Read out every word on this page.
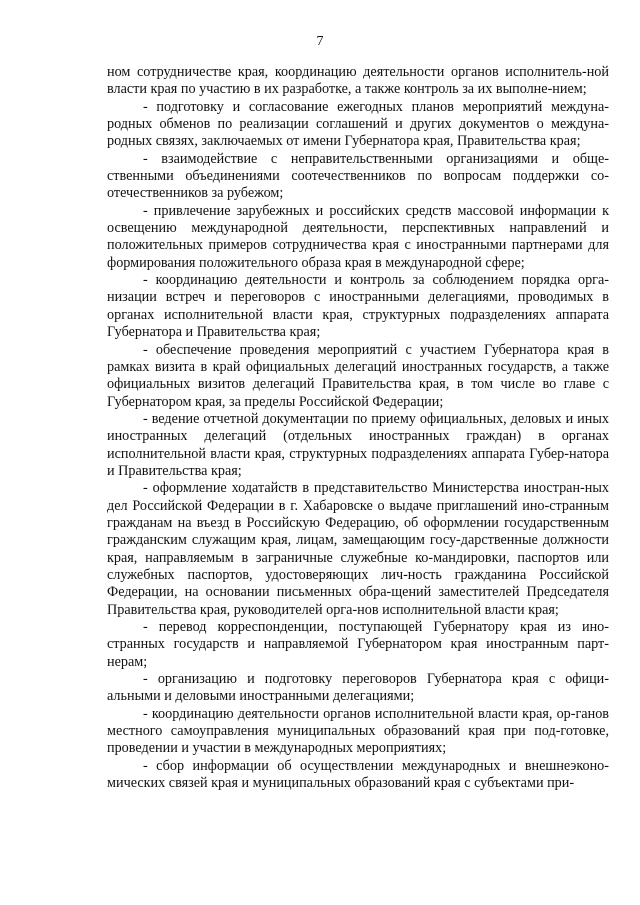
7

ном сотрудничестве края, координацию деятельности органов исполнитель-ной власти края по участию в их разработке, а также контроль за их выполне-нием;

- подготовку и согласование ежегодных планов мероприятий междуна-родных обменов по реализации соглашений и других документов о междуна-родных связях, заключаемых от имени Губернатора края, Правительства края;

- взаимодействие с неправительственными организациями и обще-ственными объединениями соотечественников по вопросам поддержки со-отечественников за рубежом;

- привлечение зарубежных и российских средств массовой информации к освещению международной деятельности, перспективных направлений и положительных примеров сотрудничества края с иностранными партнерами для формирования положительного образа края в международной сфере;

- координацию деятельности и контроль за соблюдением порядка орга-низации встреч и переговоров с иностранными делегациями, проводимых в органах исполнительной власти края, структурных подразделениях аппарата Губернатора и Правительства края;

- обеспечение проведения мероприятий с участием Губернатора края в рамках визита в край официальных делегаций иностранных государств, а также официальных визитов делегаций Правительства края, в том числе во главе с Губернатором края, за пределы Российской Федерации;

- ведение отчетной документации по приему официальных, деловых и иных иностранных делегаций (отдельных иностранных граждан) в органах исполнительной власти края, структурных подразделениях аппарата Губер-натора и Правительства края;

- оформление ходатайств в представительство Министерства иностран-ных дел Российской Федерации в г. Хабаровске о выдаче приглашений ино-странным гражданам на въезд в Российскую Федерацию, об оформлении государственным гражданским служащим края, лицам, замещающим госу-дарственные должности края, направляемым в заграничные служебные ко-мандировки, паспортов или служебных паспортов, удостоверяющих лич-ность гражданина Российской Федерации, на основании письменных обра-щений заместителей Председателя Правительства края, руководителей орга-нов исполнительной власти края;

- перевод корреспонденции, поступающей Губернатору края из ино-странных государств и направляемой Губернатором края иностранным парт-нерам;

- организацию и подготовку переговоров Губернатора края с офици-альными и деловыми иностранными делегациями;

- координацию деятельности органов исполнительной власти края, ор-ганов местного самоуправления муниципальных образований края при под-готовке, проведении и участии в международных мероприятиях;

- сбор информации об осуществлении международных и внешнеэконо-мических связей края и муниципальных образований края с субъектами при-
